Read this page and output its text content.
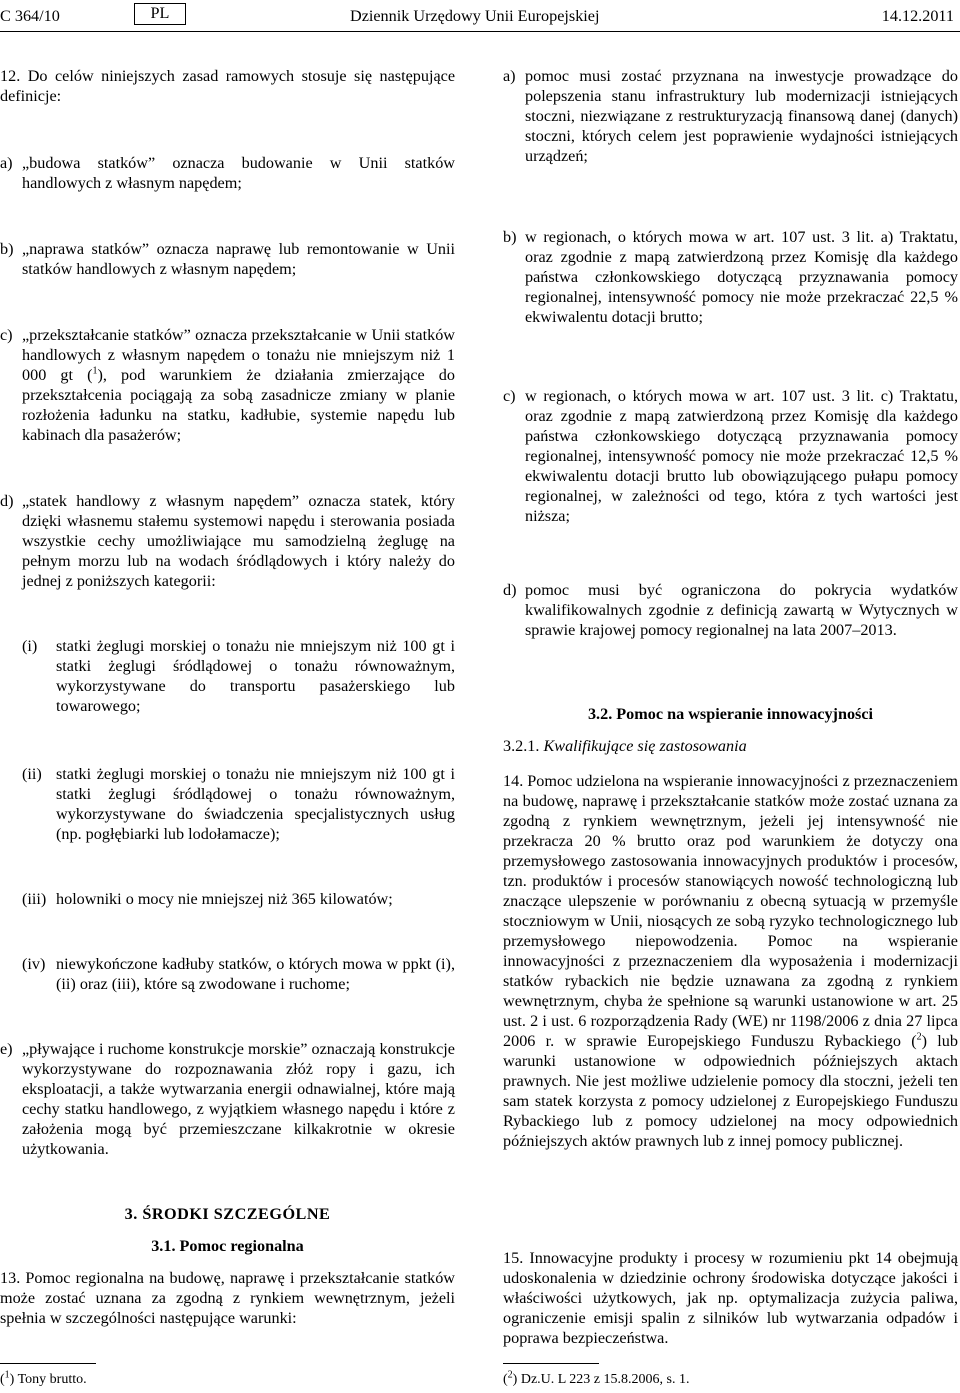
C 364/10	PL	Dziennik Urzędowy Unii Europejskiej	14.12.2011
12. Do celów niniejszych zasad ramowych stosuje się następujące definicje:
a) „budowa statków” oznacza budowanie w Unii statków handlowych z własnym napędem;
b) „naprawa statków” oznacza naprawę lub remontowanie w Unii statków handlowych z własnym napędem;
c) „przekształcanie statków” oznacza przekształcanie w Unii statków handlowych z własnym napędem o tonażu nie mniejszym niż 1 000 gt ($^1$), pod warunkiem że działania zmierzające do przekształcenia pociągają za sobą zasadnicze zmiany w planie rozłożenia ładunku na statku, kadłubie, systemie napędu lub kabinach dla pasażerów;
d) „statek handlowy z własnym napędem” oznacza statek, który dzięki własnemu stałemu systemowi napędu i sterowania posiada wszystkie cechy umożliwiające mu samodzielną żeglugę na pełnym morzu lub na wodach śródlądowych i który należy do jednej z poniższych kategorii:
(i)	statki żeglugi morskiej o tonażu nie mniejszym niż 100 gt i statki żeglugi śródlądowej o tonażu równoważnym, wykorzystywane do transportu pasażerskiego lub towarowego;
(ii) statki żeglugi morskiej o tonażu nie mniejszym niż 100 gt i statki żeglugi śródlądowej o tonażu równoważnym, wykorzystywane do świadczenia specjalistycznych usług (np. pogłębiarki lub lodołamacze);
(iii) holowniki o mocy nie mniejszej niż 365 kilowatów;
(iv) niewykończone kadłuby statków, o których mowa w ppkt (i), (ii) oraz (iii), które są zwodowane i ruchome;
e) „pływające i ruchome konstrukcje morskie” oznaczają konstrukcje wykorzystywane do rozpoznawania złóż ropy i gazu, ich eksploatacji, a także wytwarzania energii odnawialnej, które mają cechy statku handlowego, z wyjątkiem własnego napędu i które z założenia mogą być przemieszczane kilkakrotnie w okresie użytkowania.
3. ŚRODKI SZCZEGÓLNE
3.1. Pomoc regionalna
13. Pomoc regionalna na budowę, naprawę i przekształcanie statków może zostać uznana za zgodną z rynkiem wewnętrznym, jeżeli spełnia w szczególności następujące warunki:
($^1$) Tony brutto.
a) pomoc musi zostać przyznana na inwestycje prowadzące do polepszenia stanu infrastruktury lub modernizacji istniejących stoczni, niezwiązane z restrukturyzacją finansową danej (danych) stoczni, których celem jest poprawienie wydajności istniejących urządzeń;
b) w regionach, o których mowa w art. 107 ust. 3 lit. a) Traktatu, oraz zgodnie z mapą zatwierdzoną przez Komisję dla każdego państwa członkowskiego dotyczącą przyznawania pomocy regionalnej, intensywność pomocy nie może przekraczać 22,5 % ekwiwalentu dotacji brutto;
c) w regionach, o których mowa w art. 107 ust. 3 lit. c) Traktatu, oraz zgodnie z mapą zatwierdzoną przez Komisję dla każdego państwa członkowskiego dotyczącą przyznawania pomocy regionalnej, intensywność pomocy nie może przekraczać 12,5 % ekwiwalentu dotacji brutto lub obowiązującego pułapu pomocy regionalnej, w zależności od tego, która z tych wartości jest niższa;
d) pomoc musi być ograniczona do pokrycia wydatków kwalifikowalnych zgodnie z definicją zawartą w Wytycznych w sprawie krajowej pomocy regionalnej na lata 2007–2013.
3.2. Pomoc na wspieranie innowacyjności
3.2.1. Kwalifikujące się zastosowania
14. Pomoc udzielona na wspieranie innowacyjności z przeznaczeniem na budowę, naprawę i przekształcanie statków może zostać uznana za zgodną z rynkiem wewnętrznym, jeżeli jej intensywność nie przekracza 20 % brutto oraz pod warunkiem że dotyczy ona przemysłowego zastosowania innowacyjnych produktów i procesów, tzn. produktów i procesów stanowiących nowość technologiczną lub znaczące ulepszenie w porównaniu z obecną sytuacją w przemyśle stoczniowym w Unii, niosących ze sobą ryzyko technologicznego lub przemysłowego niepowodzenia. Pomoc na wspieranie innowacyjności z przeznaczeniem dla wyposażenia i modernizacji statków rybackich nie będzie uznawana za zgodną z rynkiem wewnętrznym, chyba że spełnione są warunki ustanowione w art. 25 ust. 2 i ust. 6 rozporządzenia Rady (WE) nr 1198/2006 z dnia 27 lipca 2006 r. w sprawie Europejskiego Funduszu Rybackiego ($^2$) lub warunki ustanowione w odpowiednich późniejszych aktach prawnych. Nie jest możliwe udzielenie pomocy dla stoczni, jeżeli ten sam statek korzysta z pomocy udzielonej z Europejskiego Funduszu Rybackiego lub z pomocy udzielonej na mocy odpowiednich późniejszych aktów prawnych lub z innej pomocy publicznej.
15. Innowacyjne produkty i procesy w rozumieniu pkt 14 obejmują udoskonalenia w dziedzinie ochrony środowiska dotyczące jakości i właściwości użytkowych, jak np. optymalizacja zużycia paliwa, ograniczenie emisji spalin z silników lub wytwarzania odpadów i poprawa bezpieczeństwa.
($^2$) Dz.U. L 223 z 15.8.2006, s. 1.
